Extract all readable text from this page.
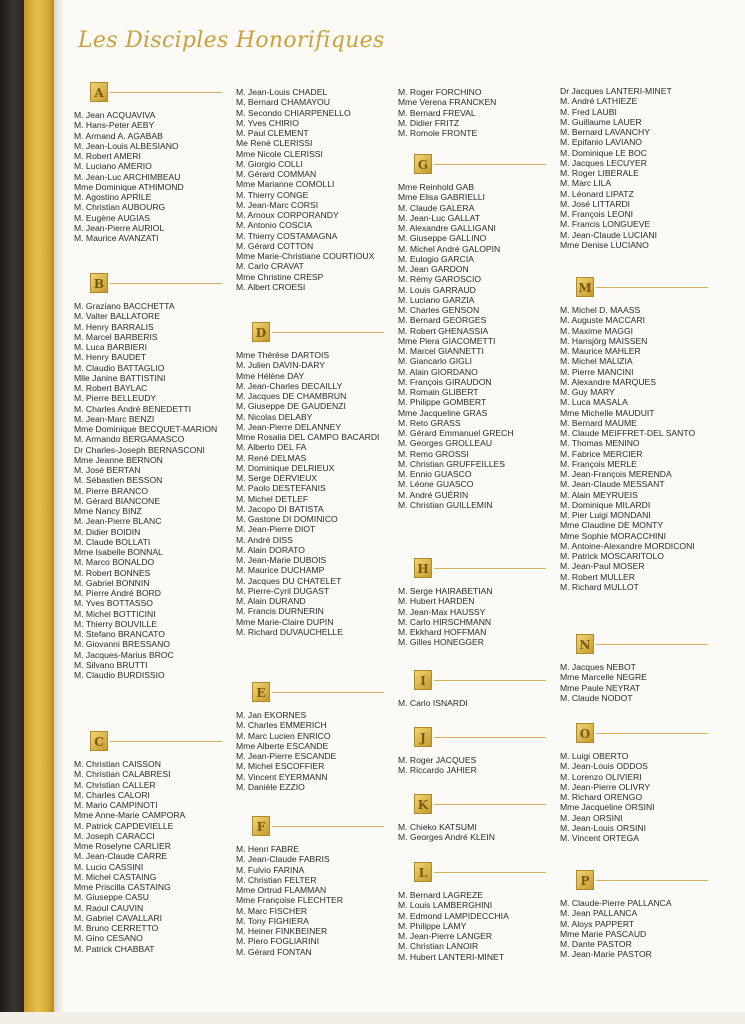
Les Disciples Honorifiques
A
M. Jean ACQUAVIVA
M. Hans-Peter AEBY
M. Armand A. AGABAB
M. Jean-Louis ALBESIANO
M. Robert AMERI
M. Luciano AMERIO
M. Jean-Luc ARCHIMBEAU
Mme Dominique ATHIMOND
M. Agostino APRILE
M. Christian AUBOURG
M. Eugène AUGIAS
M. Jean-Pierre AURIOL
M. Maurice AVANZATI
B
M. Graziano BACCHETTA
M. Valter BALLATORE
M. Henry BARRALIS
M. Marcel BARBERIS
M. Luca BARBIERI
M. Henry BAUDET
M. Claudio BATTAGLIO
Mlle Janine BATTISTINI
M. Robert BAYLAC
M. Pierre BELLEUDY
M. Charles André BENEDETTI
M. Jean-Marc BENZI
Mme Dominique BECQUET-MARION
M. Armando BERGAMASCO
Dr Charles-Joseph BERNASCONI
Mme Jeanne BERNON
M. José BERTAN
M. Sébastien BESSON
M. Pierre BRANCO
M. Gérard BIANCONE
Mme Nancy BINZ
M. Jean-Pierre BLANC
M. Didier BOIDIN
M. Claude BOLLATI
Mme Isabelle BONNAL
M. Marco BONALDO
M. Robert BONNES
M. Gabriel BONNIN
M. Pierre André BORD
M. Yves BOTTASSO
M. Michel BOTTICINI
M. Thierry BOUVILLE
M. Stefano BRANCATO
M. Giovanni BRESSANO
M. Jacques-Marius BROC
M. Silvano BRUTTI
M. Claudio BURDISSIO
C
M. Christian CAISSON
M. Christian CALABRESI
M. Christian CALLER
M. Charles CALORI
M. Mario CAMPINOTI
Mme Anne-Marie CAMPORA
M. Patrick CAPDEVIELLE
M. Joseph CARACCI
Mme Roselyne CARLIER
M. Jean-Claude CARRE
M. Lucio CASSINI
M. Michel CASTAING
Mme Priscilla CASTAING
M. Giuseppe CASU
M. Raoul CAUVIN
M. Gabriel CAVALLARI
M. Bruno CERRETTO
M. Gino CESANO
M. Patrick CHABBAT
M. Jean-Louis CHADEL
M. Bernard CHAMAYOU
M. Secondo CHIARPENELLO
M. Yves CHIRIO
M. Paul CLEMENT
Me René CLERISSI
Mme Nicole CLERISSI
M. Giorgio COLLI
M. Gérard COMMAN
Mme Marianne COMOLLI
M. Thierry CONGE
M. Jean-Marc CORSI
M. Arnoux CORPORANDY
M. Antonio COSCIA
M. Thierry COSTAMAGNA
M. Gérard COTTON
Mme Marie-Christiane COURTIOUX
M. Carlo CRAVAT
Mme Christine CRESP
M. Albert CROESI
D
Mme Thérèse DARTOIS
M. Julien DAVIN-DARY
Mme Hélène DAY
M. Jean-Charles DECAILLY
M. Jacques DE CHAMBRUN
M. Giuseppe DE GAUDENZI
M. Nicolas DELABY
M. Jean-Pierre DELANNEY
Mme Rosalia DEL CAMPO BACARDI
M. Alberto DEL FA
M. René DELMAS
M. Dominique DELRIEUX
M. Serge DERVIEUX
M. Paolo DESTEFANIS
M. Michel DETLEF
M. Jacopo DI BATISTA
M. Gastone DI DOMINICO
M. Jean-Pierre DIOT
M. André DISS
M. Alain DORATO
M. Jean-Marie DUBOIS
M. Maurice DUCHAMP
M. Jacques DU CHATELET
M. Pierre-Cyril DUGAST
M. Alain DURAND
M. Francis DURNERIN
Mme Marie-Claire DUPIN
M. Richard DUVAUCHELLE
E
M. Jan EKORNES
M. Charles EMMERICH
M. Marc Lucien ENRICO
Mme Alberte ESCANDE
M. Jean-Pierre ESCANDE
M. Michel ESCOFFIER
M. Vincent EYERMANN
M. Danièle EZZIO
F
M. Henri FABRE
M. Jean-Claude FABRIS
M. Fulvio FARINA
M. Christian FELTER
Mme Ortrud FLAMMAN
Mme Françoise FLECHTER
M. Marc FISCHER
M. Tony FIGHIERA
M. Heiner FINKBEINER
M. Piero FOGLIARINI
M. Gérard FONTAN
M. Roger FORCHINO
Mme Verena FRANCKEN
M. Bernard FREVAL
M. Didier FRITZ
M. Romole FRONTE
G
Mme Reinhold GAB
Mme Elisa GABRIELLI
M. Claude GALERA
M. Jean-Luc GALLAT
M. Alexandre GALLIGANI
M. Giuseppe GALLINO
M. Michel André GALOPIN
M. Eulogio GARCIA
M. Jean GARDON
M. Rémy GAROSCIO
M. Louis GARRAUD
M. Luciano GARZIA
M. Charles GENSON
M. Bernard GEORGES
M. Robert GHENASSIA
Mme Piera GIACOMETTI
M. Marcel GIANNETTI
M. Giancarlo GIGLI
M. Alain GIORDANO
M. François GIRAUDON
M. Romain GLIBERT
M. Philippe GOMBERT
Mme Jacqueline GRAS
M. Reto GRASS
M. Gérard Emmanuel GRECH
M. Georges GROLLEAU
M. Remo GROSSI
M. Christian GRUFFEILLES
M. Ennio GUASCO
M. Léone GUASCO
M. André GUÉRIN
M. Christian GUILLEMIN
H
M. Serge HAIRABETIAN
M. Hubert HARDEN
M. Jean-Max HAUSSY
M. Carlo HIRSCHMANN
M. Ekkhard HOFFMAN
M. Gilles HONEGGER
I
M. Carlo ISNARDI
J
M. Roger JACQUES
M. Riccardo JAHIER
K
M. Chieko KATSUMI
M. Georges André KLEIN
L
M. Bernard LAGREZE
M. Louis LAMBERGHINI
M. Edmond LAMPIDECCHIA
M. Philippe LAMY
M. Jean-Pierre LANGER
M. Christian LANOIR
M. Hubert LANTERI-MINET
Dr Jacques LANTERI-MINET
M. André LATHIEZE
M. Fred LAUBI
M. Guillaume LAUER
M. Bernard LAVANCHY
M. Epifanio LAVIANO
M. Dominique LE BOC
M. Jacques LECUYER
M. Roger LIBERALE
M. Marc LILA
M. Léonard LIPATZ
M. José LITTARDI
M. François LEONI
M. Francis LONGUEVE
M. Jean-Claude LUCIANI
Mme Denise LUCIANO
M
M. Michel D. MAASS
M. Auguste MACCARI
M. Maxime MAGGI
M. Hansjörg MAISSEN
M. Maurice MAHLER
M. Michel MALIZIA
M. Pierre MANCINI
M. Alexandre MARQUES
M. Guy MARY
M. Luca MASALA
Mme Michelle MAUDUIT
M. Bernard MAUME
M. Claude MEIFFRET-DEL SANTO
M. Thomas MENINO
M. Fabrice MERCIER
M. François MERLE
M. Jean-François MERENDA
M. Jean-Claude MESSANT
M. Alain MEYRUEIS
M. Dominique MILARDI
M. Pier Luigi MONDANI
Mme Claudine DE MONTY
Mme Sophie MORACCHINI
M. Antoine-Alexandre MORDICONI
M. Patrick MOSCARITOLO
M. Jean-Paul MOSER
M. Robert MULLER
M. Richard MULLOT
N
M. Jacques NEBOT
Mme Marcelle NEGRE
Mme Paule NEYRAT
M. Claude NODOT
O
M. Luigi OBERTO
M. Jean-Louis ODDOS
M. Lorenzo OLIVIERI
M. Jean-Pierre OLIVRY
M. Richard ORENGO
Mme Jacqueline ORSINI
M. Jean ORSINI
M. Jean-Louis ORSINI
M. Vincent ORTEGA
P
M. Claude-Pierre PALLANCA
M. Jean PALLANCA
M. Aloys PAPPERT
Mme Marie PASCAUD
M. Dante PASTOR
M. Jean-Marie PASTOR
